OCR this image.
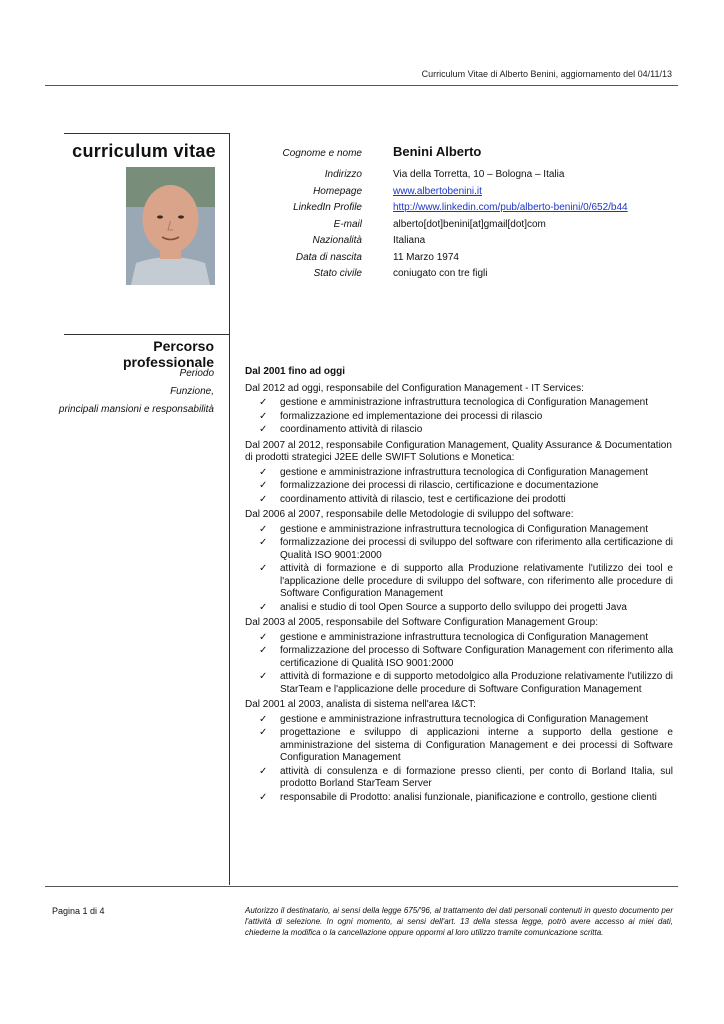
Curriculum Vitae di Alberto Benini, aggiornamento del 04/11/13
curriculum vitae	Cognome e nome Benini Alberto
Indirizzo	Via della Torretta, 10 – Bologna – Italia
Homepage	www.albertobenini.it
LinkedIn Profile	http://www.linkedin.com/pub/alberto-benini/0/652/b44
E-mail	alberto[dot]benini[at]gmail[dot]com
Nazionalità	Italiana
Data di nascita	11 Marzo 1974
Stato civile	coniugato con tre figli
Percorso professionale
Periodo
Funzione,
principali mansioni e responsabilità
Dal 2001 fino ad oggi
Dal 2012 ad oggi, responsabile del Configuration Management - IT Services:
✓ gestione e amministrazione infrastruttura tecnologica di Configuration Management
✓ formalizzazione ed implementazione dei processi di rilascio
✓ coordinamento attività di rilascio
Dal 2007 al 2012, responsabile Configuration Management, Quality Assurance & Documentation di prodotti strategici J2EE delle SWIFT Solutions e Monetica:
✓ gestione e amministrazione infrastruttura tecnologica di Configuration Management
✓ formalizzazione dei processi di rilascio, certificazione e documentazione
✓ coordinamento attività di rilascio, test e certificazione dei prodotti
Dal 2006 al 2007, responsabile delle Metodologie di sviluppo del software:
✓ gestione e amministrazione infrastruttura tecnologica di Configuration Management
✓ formalizzazione dei processi di sviluppo del software con riferimento alla certificazione di Qualità ISO 9001:2000
✓ attività di formazione e di supporto alla Produzione relativamente l'utilizzo dei tool e l'applicazione delle procedure di sviluppo del software, con riferimento alle procedure di Software Configuration Management
✓ analisi e studio di tool Open Source a supporto dello sviluppo dei progetti Java
Dal 2003 al 2005, responsabile del Software Configuration Management Group:
✓ gestione e amministrazione infrastruttura tecnologica di Configuration Management
✓ formalizzazione del processo di Software Configuration Management con riferimento alla certificazione di Qualità ISO 9001:2000
✓ attività di formazione e di supporto metodolgico alla Produzione relativamente l'utilizzo di StarTeam e l'applicazione delle procedure di Software Configuration Management
Dal 2001 al 2003, analista di sistema nell'area I&CT:
✓ gestione e amministrazione infrastruttura tecnologica di Configuration Management
✓ progettazione e sviluppo di applicazioni interne a supporto della gestione e amministrazione del sistema di Configuration Management e dei processi di Software Configuration Management
✓ attività di consulenza e di formazione presso clienti, per conto di Borland Italia, sul prodotto Borland StarTeam Server
✓ responsabile di Prodotto: analisi funzionale, pianificazione e controllo, gestione clienti
Pagina 1 di 4	Autorizzo il destinatario, ai sensi della legge 675/'96, al trattamento dei dati personali contenuti in questo documento per l'attività di selezione. In ogni momento, ai sensi dell'art. 13 della stessa legge, potrò avere accesso ai miei dati, chiederne la modifica o la cancellazione oppure oppormi al loro utilizzo tramite comunicazione scritta.
